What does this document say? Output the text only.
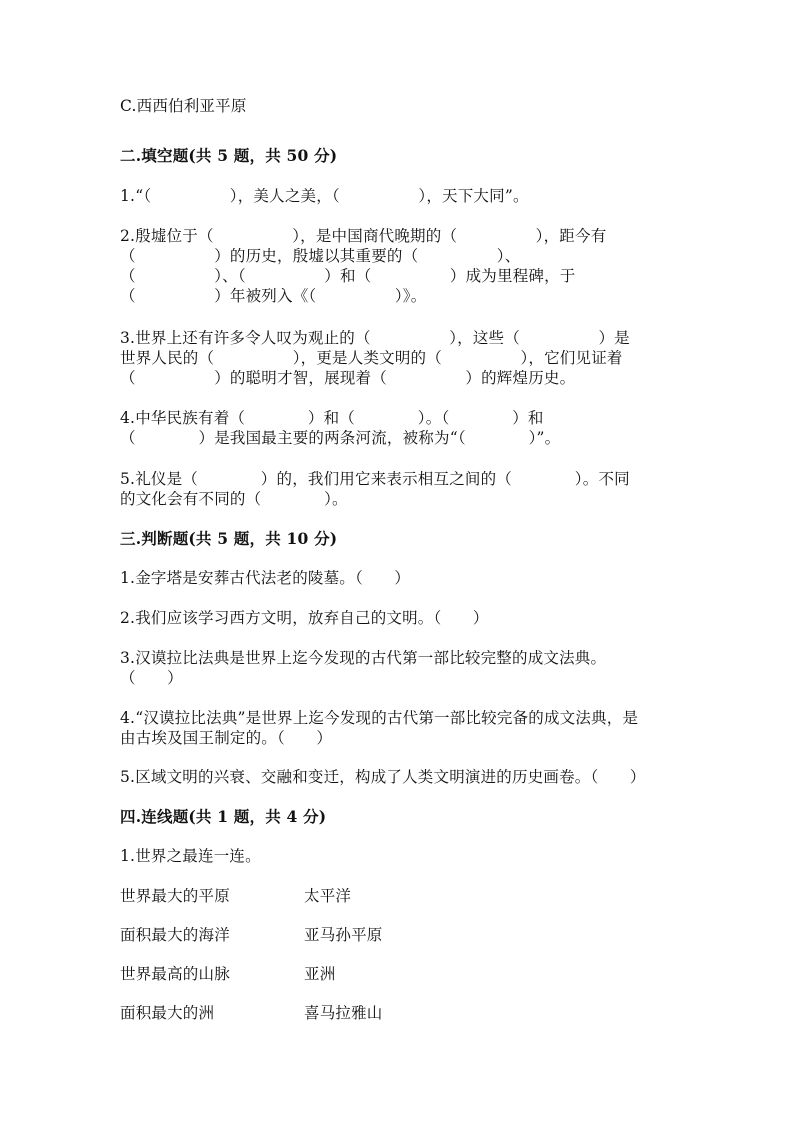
C.西西伯利亚平原
二.填空题(共 5 题，共 50 分)
1.“（　　　　　），美人之美，（　　　　　），天下大同”。
2.殷墟位于（　　　　　），是中国商代晚期的（　　　　　），距今有
（　　　　　）的历史，殷墟以其重要的（　　　　　）、
（　　　　　）、（　　　　　）和（　　　　　）成为里程碑，于
（　　　　　）年被列入《（　　　　　）》。
3.世界上还有许多令人叹为观止的（　　　　　），这些（　　　　　）是
世界人民的（　　　　　），更是人类文明的（　　　　　），它们见证着
（　　　　　）的聪明才智，展现着（　　　　　）的辉煌历史。
4.中华民族有着（　　　　）和（　　　　）。（　　　　）和
（　　　　）是我国最主要的两条河流，被称为“（　　　　）”。
5.礼仪是（　　　　）的，我们用它来表示相互之间的（　　　　）。不同
的文化会有不同的（　　　　）。
三.判断题(共 5 题，共 10 分)
1.金字塔是安葬古代法老的陵墓。（　　）
2.我们应该学习西方文明，放弃自己的文明。（　　）
3.汉谟拉比法典是世界上迄今发现的古代第一部比较完整的成文法典。
（　　）
4.“汉谟拉比法典”是世界上迄今发现的古代第一部比较完备的成文法典，是
由古埃及国王制定的。（　　）
5.区域文明的兴衰、交融和变迁，构成了人类文明演进的历史画卷。（　　）
四.连线题(共 1 题，共 4 分)
1.世界之最连一连。
世界最大的平原	太平洋
面积最大的海洋	亚马孙平原
世界最高的山脉	亚洲
面积最大的洲	喜马拉雅山
